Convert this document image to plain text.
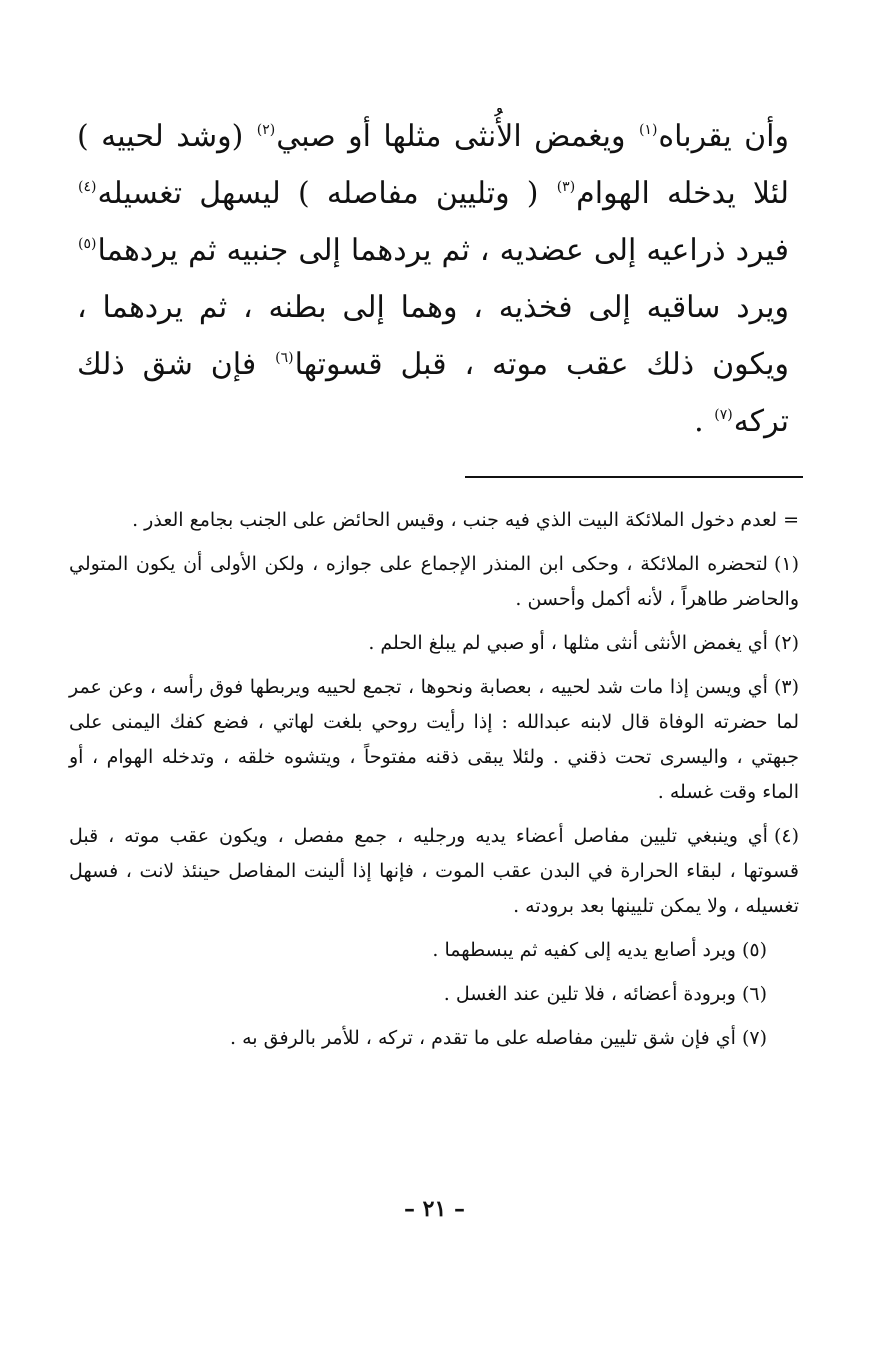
وأن يقرباه$^{(١)}$ ويغمض الأُنثى مثلها أو صبي$^{(٢)}$ (وشد لحييه )
لئلا يدخله الهوام$^{(٣)}$ ( وتليين مفاصله ) ليسهل تغسيله$^{(٤)}$
فيرد ذراعيه إلى عضديه ، ثم يردهما إلى جنبيه ثم يردهما$^{(٥)}$
ويرد ساقيه إلى فخذيه ، وهما إلى بطنه ، ثم يردهما ،
ويكون ذلك عقب موته ، قبل قسوتها$^{(٦)}$ فإن شق ذلك
تركه$^{(٧)}$ .

= لعدم دخول الملائكة البيت الذي فيه جنب ، وقيس الحائض على الجنب بجامع العذر .

(١)لتحضره الملائكة ، وحكى ابن المنذر الإجماع على جوازه ، ولكن الأولى أن يكون المتولي والحاضر طاهراً ، لأنه أكمل وأحسن .

(٢)أي يغمض الأنثى أنثى مثلها ، أو صبي لم يبلغ الحلم .

(٣)أي ويسن إذا مات شد لحييه ، بعصابة ونحوها ، تجمع لحييه ويربطها فوق رأسه ، وعن عمر لما حضرته الوفاة قال لابنه عبدالله : إذا رأيت روحي بلغت لهاتي ، فضع كفك اليمنى على جبهتي ، واليسرى تحت ذقني . ولئلا يبقى ذقنه مفتوحاً ، ويتشوه خلقه ، وتدخله الهوام ، أو الماء وقت غسله .

(٤)أي وينبغي تليين مفاصل أعضاء يديه ورجليه ، جمع مفصل ، ويكون عقب موته ، قبل قسوتها ، لبقاء الحرارة في البدن عقب الموت ، فإنها إذا ألينت المفاصل حينئذ لانت ، فسهل تغسيله ، ولا يمكن تليينها بعد برودته .

(٥)ويرد أصابع يديه إلى كفيه ثم يبسطهما .

(٦)وبرودة أعضائه ، فلا تلين عند الغسل .

(٧)أي فإن شق تليين مفاصله على ما تقدم ، تركه ، للأمر بالرفق به .

– ٢١ –
